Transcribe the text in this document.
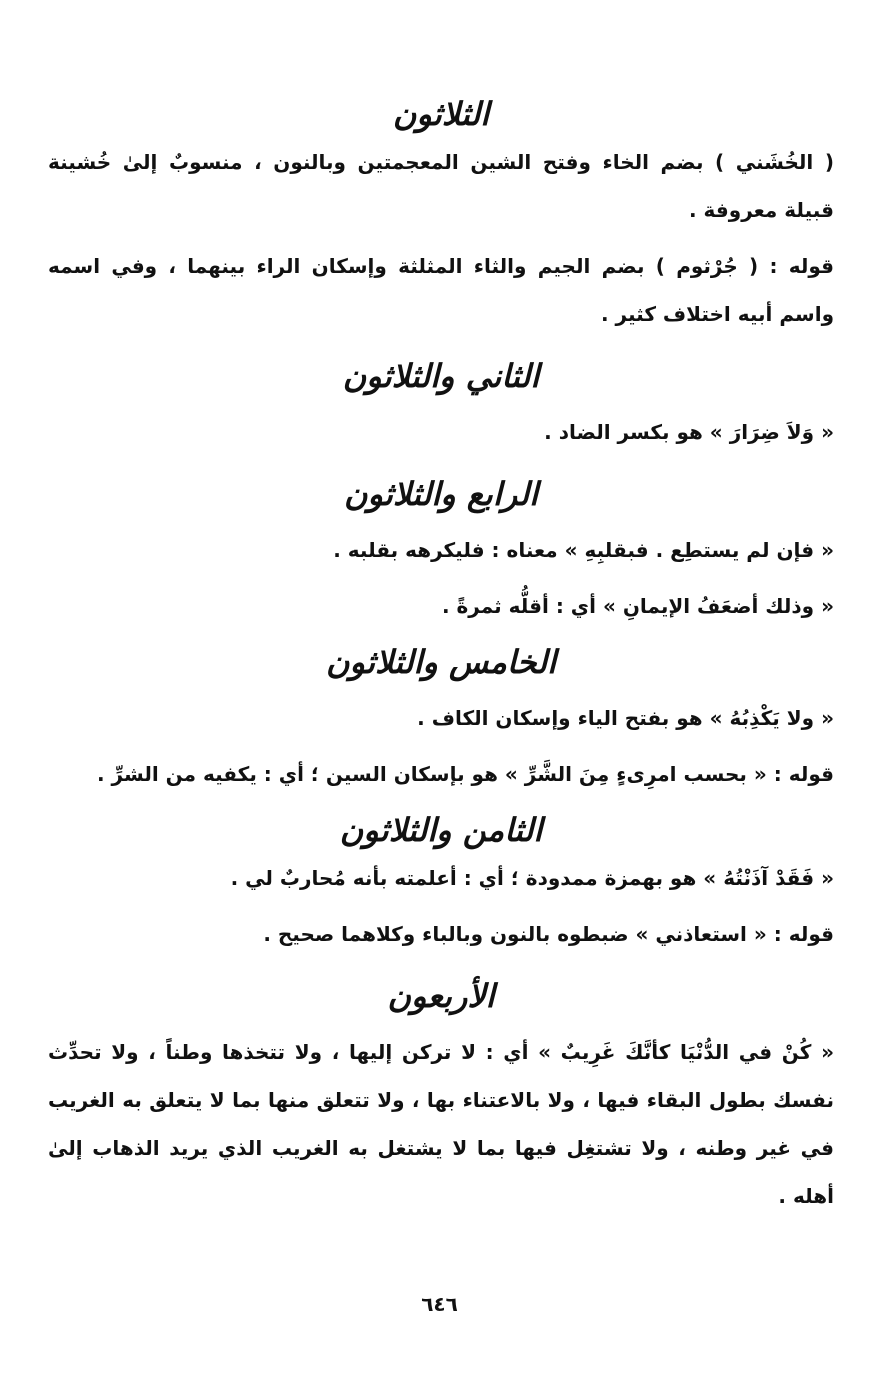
الثلاثون

( الخُشَني ) بضم الخاء وفتح الشين المعجمتين وبالنون ، منسوبٌ إلىٰ خُشينة قبيلة معروفة .

قوله : ( جُرْثوم ) بضم الجيم والثاء المثلثة وإسكان الراء بينهما ، وفي اسمه واسم أبيه اختلاف كثير .

الثاني والثلاثون

« وَلاَ ضِرَارَ » هو بكسر الضاد .

الرابع والثلاثون

« فإن لم يستطِع . فبقلبِهِ » معناه : فليكرهه بقلبه .

« وذلك أضعَفُ الإيمانِ » أي : أقلُّه ثمرةً .

الخامس والثلاثون

« ولا يَكْذِبُهُ » هو بفتح الياء وإسكان الكاف .

قوله : « بحسب امرِىءٍ مِنَ الشَّرِّ » هو بإسكان السين ؛ أي : يكفيه من الشرِّ .

الثامن والثلاثون

« فَقَدْ آذَنْتُهُ » هو بهمزة ممدودة ؛ أي : أعلمته بأنه مُحاربٌ لي .

قوله : « استعاذني » ضبطوه بالنون وبالباء وكلاهما صحيح .

الأربعون

« كُنْ في الدُّنْيَا كأنَّكَ غَرِيبٌ » أي : لا تركن إليها ، ولا تتخذها وطناً ، ولا تحدِّث نفسك بطول البقاء فيها ، ولا بالاعتناء بها ، ولا تتعلق منها بما لا يتعلق به الغريب في غير وطنه ، ولا تشتغِل فيها بما لا يشتغل به الغريب الذي يريد الذهاب إلىٰ أهله .

٦٤٦
